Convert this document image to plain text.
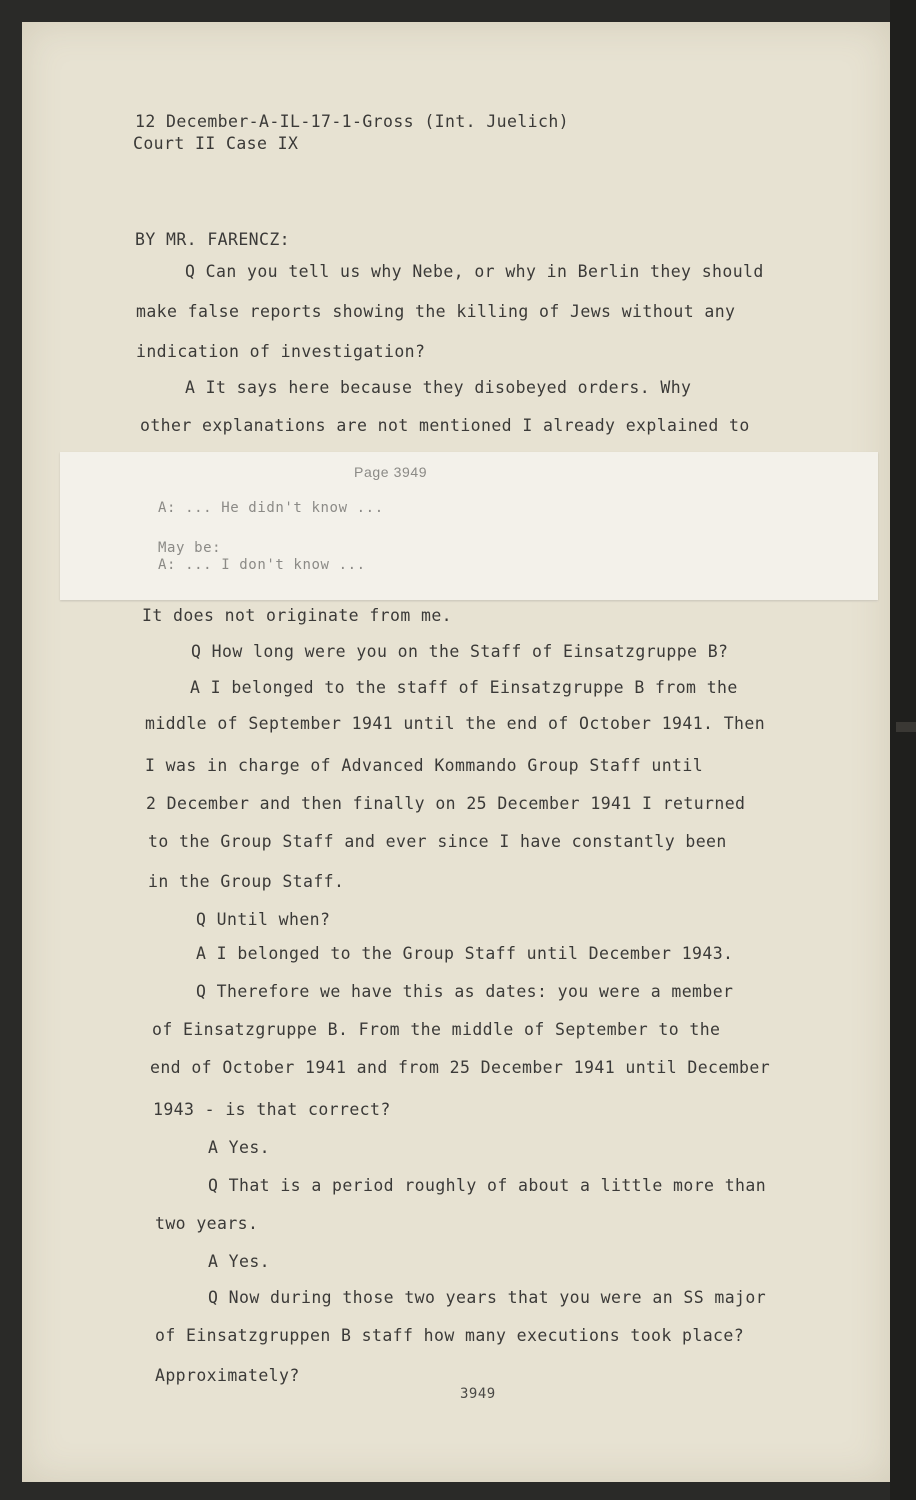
12 December-A-IL-17-1-Gross (Int. Juelich)
Court II Case IX
BY MR. FARENCZ:
Q Can you tell us why Nebe, or why in Berlin they should
make false reports showing the killing of Jews without any
indication of investigation?
A It says here because they disobeyed orders. Why
other explanations are not mentioned I already explained to
Page 3949
A: ... He didn't know ...
May be:
A: ... I don't know ...
It does not originate from me.
Q How long were you on the Staff of Einsatzgruppe B?
A I belonged to the staff of Einsatzgruppe B from the
middle of September 1941 until the end of October 1941. Then
I was in charge of Advanced Kommando Group Staff until
2 December and then finally on 25 December 1941 I returned
to the Group Staff and ever since I have constantly been
in the Group Staff.
Q Until when?
A I belonged to the Group Staff until December 1943.
Q Therefore we have this as dates: you were a member
of Einsatzgruppe B. From the middle of September to the
end of October 1941 and from 25 December 1941 until December
1943 - is that correct?
A Yes.
Q That is a period roughly of about a little more than
two years.
A Yes.
Q Now during those two years that you were an SS major
of Einsatzgruppen B staff how many executions took place?
Approximately?
3949
